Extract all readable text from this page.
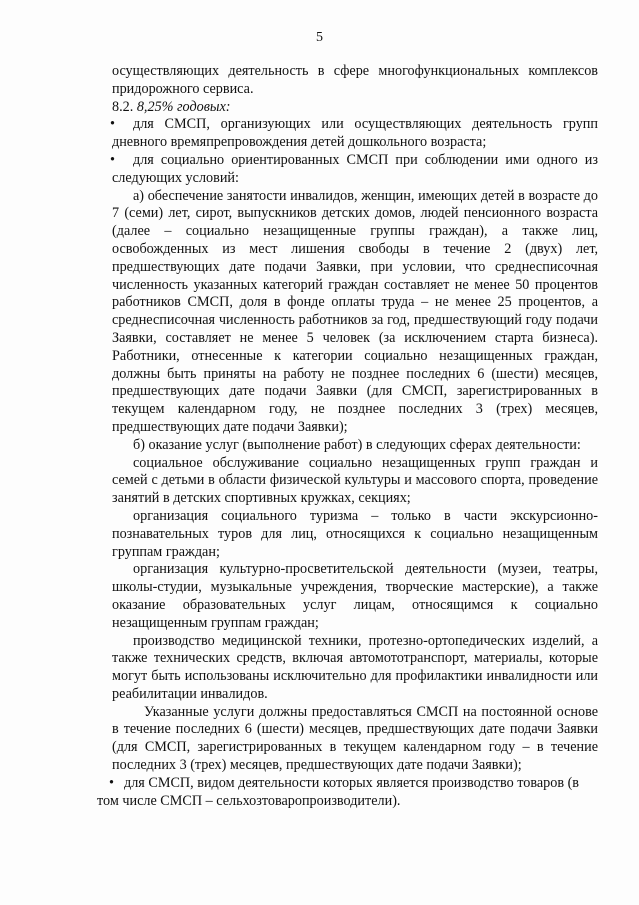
5

осуществляющих деятельность в сфере многофункциональных комплексов придорожного сервиса.

8.2. 8,25% годовых:

•	для СМСП, организующих или осуществляющих деятельность групп дневного времяпрепровождения детей дошкольного возраста;

•	для социально ориентированных СМСП при соблюдении ими одного из следующих условий:

а) обеспечение занятости инвалидов, женщин, имеющих детей в возрасте до 7 (семи) лет, сирот, выпускников детских домов, людей пенсионного возраста (далее – социально незащищенные группы граждан), а также лиц, освобожденных из мест лишения свободы в течение 2 (двух) лет, предшествующих дате подачи Заявки, при условии, что среднесписочная численность указанных категорий граждан составляет не менее 50 процентов работников СМСП, доля в фонде оплаты труда – не менее 25 процентов, а среднесписочная численность работников за год, предшествующий году подачи Заявки, составляет не менее 5 человек (за исключением старта бизнеса). Работники, отнесенные к категории социально незащищенных граждан, должны быть приняты на работу не позднее последних 6 (шести) месяцев, предшествующих дате подачи Заявки (для СМСП, зарегистрированных в текущем календарном году, не позднее последних 3 (трех) месяцев, предшествующих дате подачи Заявки);

б) оказание услуг (выполнение работ) в следующих сферах деятельности:

социальное обслуживание социально незащищенных групп граждан и семей с детьми в области физической культуры и массового спорта, проведение занятий в детских спортивных кружках, секциях;

организация социального туризма – только в части экскурсионно-познавательных туров для лиц, относящихся к социально незащищенным группам граждан;

организация культурно-просветительской деятельности (музеи, театры, школы-студии, музыкальные учреждения, творческие мастерские), а также оказание образовательных услуг лицам, относящимся к социально незащищенным группам граждан;

производство медицинской техники, протезно-ортопедических изделий, а также технических средств, включая автомототранспорт, материалы, которые могут быть использованы исключительно для профилактики инвалидности или реабилитации инвалидов.

Указанные услуги должны предоставляться СМСП на постоянной основе в течение последних 6 (шести) месяцев, предшествующих дате подачи Заявки (для СМСП, зарегистрированных в текущем календарном году – в течение последних 3 (трех) месяцев, предшествующих дате подачи Заявки);

• для СМСП, видом деятельности которых является производство товаров (в том числе СМСП – сельхозтоваропроизводители).
